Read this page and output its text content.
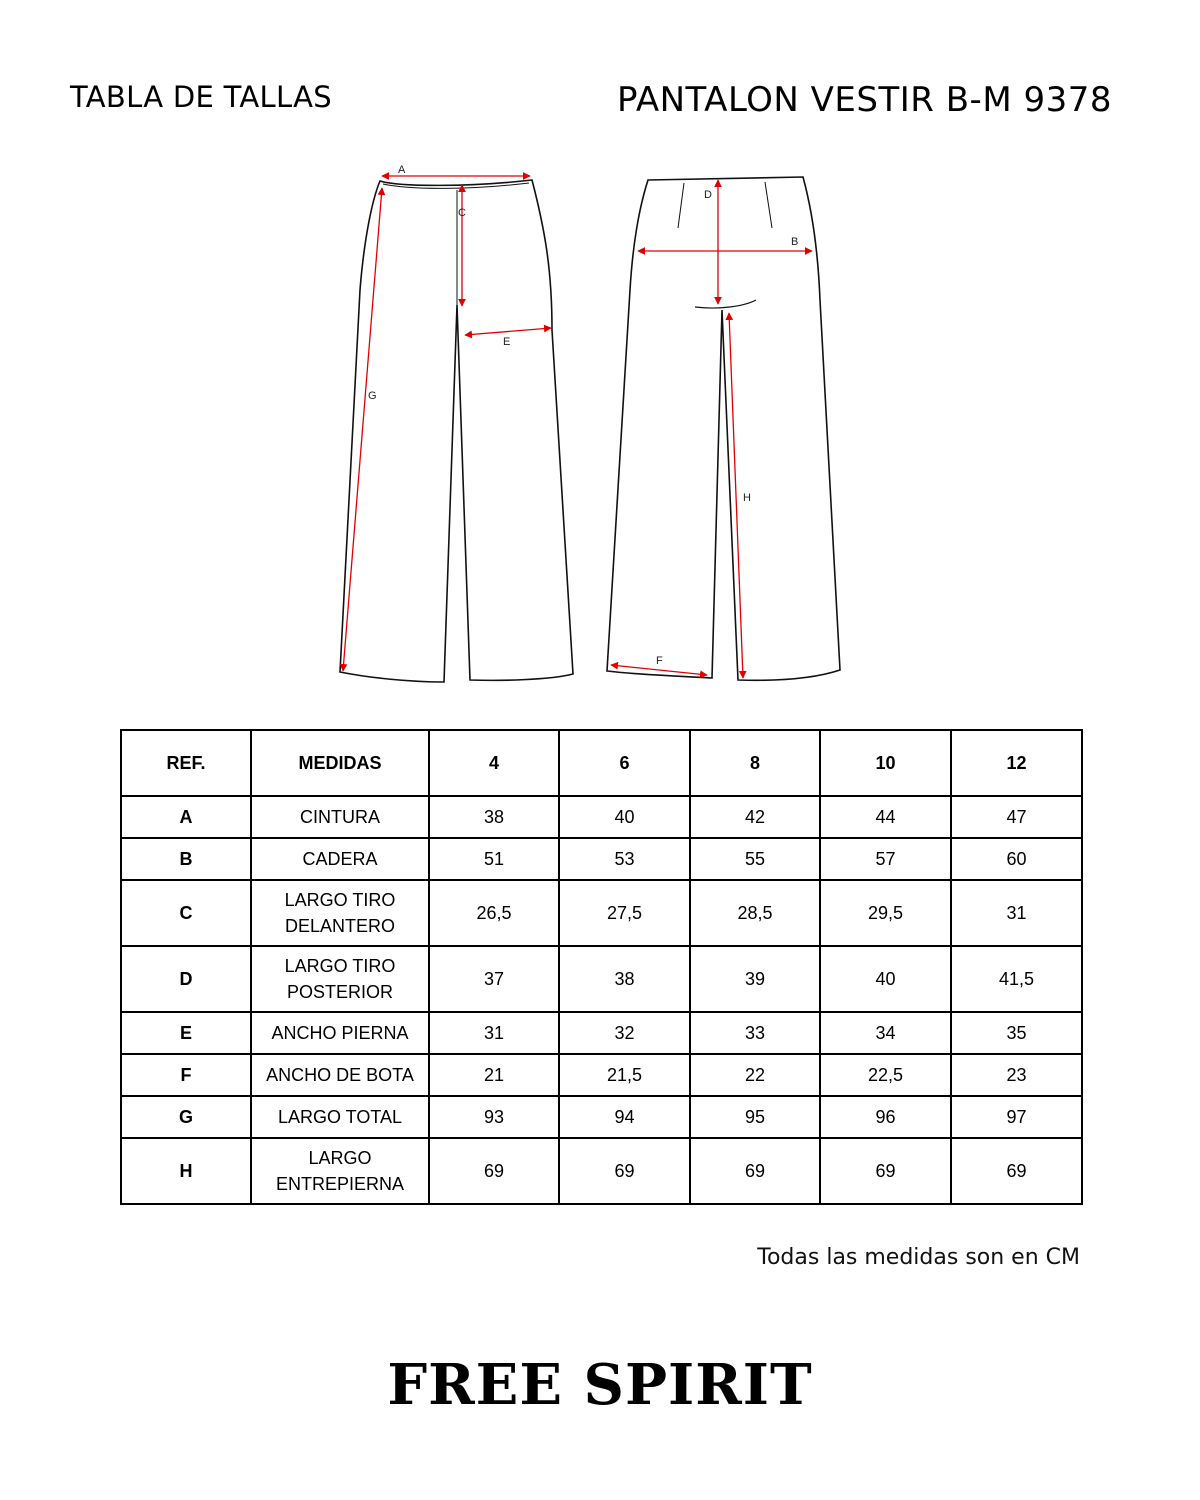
TABLA DE TALLAS	PANTALON VESTIR B-M 9378
A
B
C
D
E
F
G
H
REF.	MEDIDAS	4	6	8	10	12
A	CINTURA	38	40	42	44	47
B	CADERA	51	53	55	57	60
C	LARGO TIRO DELANTERO	26,5	27,5	28,5	29,5	31
D	LARGO TIRO POSTERIOR	37	38	39	40	41,5
E	ANCHO PIERNA	31	32	33	34	35
F	ANCHO DE BOTA	21	21,5	22	22,5	23
G	LARGO TOTAL	93	94	95	96	97
H	LARGO ENTREPIERNA	69	69	69	69	69
Todas las medidas son en CM
FREE SPIRIT
